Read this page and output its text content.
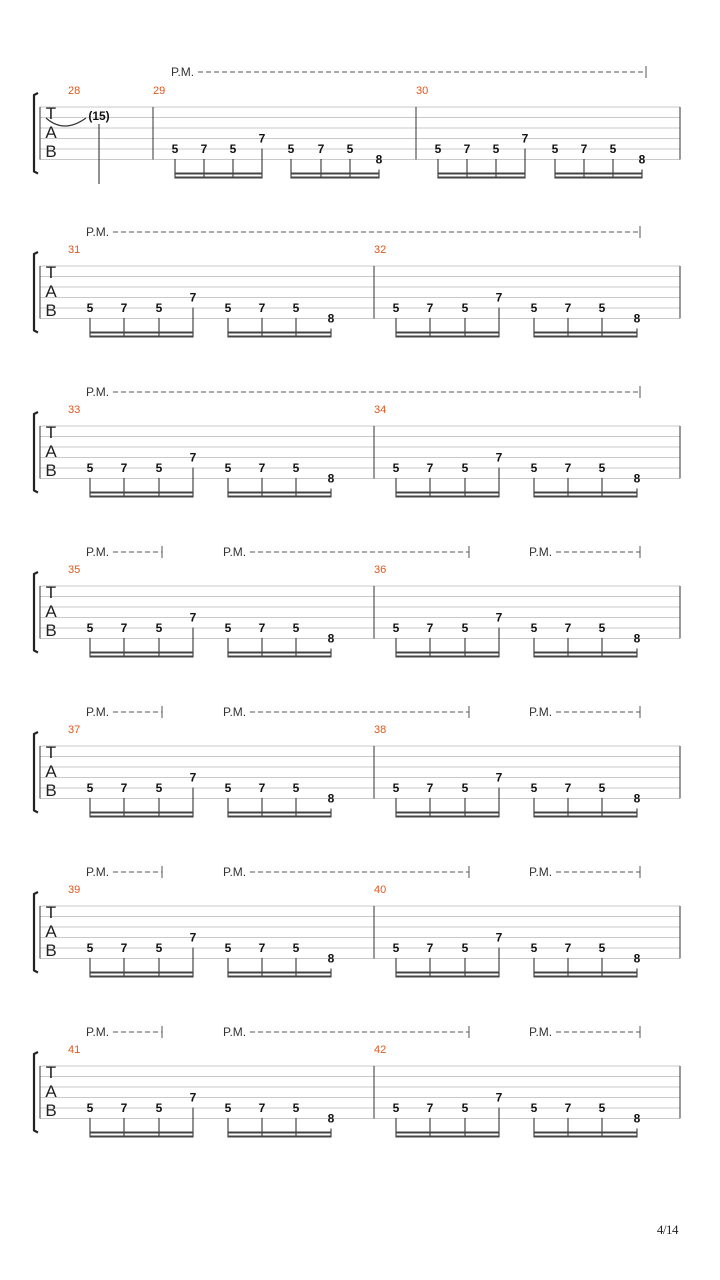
P.M.
T
A
B
28
(15)
29
5 7 5
7
5 7 5
8
30
5 7 5
7
5 7 5
8
P.M.
T
A
B
31
5 7 5
7
5 7 5
8
32
5 7 5
7
5 7 5
8
P.M.
T
A
B
33
5 7 5
7
5 7 5
8
34
5 7 5
7
5 7 5
8
P.M.	P.M.	P.M.
T
A
B
35
5 7 5
7
5 7 5
8
36
5 7 5
7
5 7 5
8
P.M.	P.M.	P.M.
T
A
B
37
5 7 5
7
5 7 5
8
38
5 7 5
7
5 7 5
8
P.M.	P.M.	P.M.
T
A
B
39
5 7 5
7
5 7 5
8
40
5 7 5
7
5 7 5
8
P.M.	P.M.	P.M.
T
A
B
41
5 7 5
7
5 7 5
8
42
5 7 5
7
5 7 5
8
4/14
